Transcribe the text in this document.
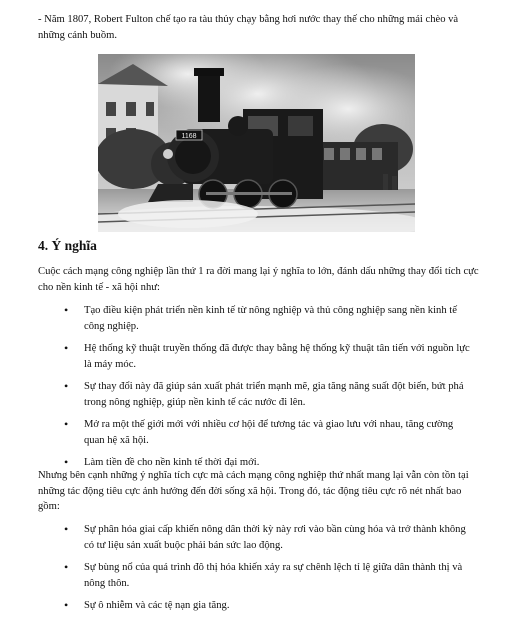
- Năm 1807, Robert Fulton chế tạo ra tàu thủy chạy bằng hơi nước thay thế cho những mái chèo và những cánh buồm.
1168
4. Ý nghĩa
Cuộc cách mạng công nghiệp lần thứ 1 ra đời mang lại ý nghĩa to lớn, đánh dấu những thay đổi tích cực cho nền kinh tế - xã hội như:
• Tạo điều kiện phát triển nền kinh tế từ nông nghiệp và thủ công nghiệp sang nền kinh tế công nghiệp.
• Hệ thống kỹ thuật truyền thống đã được thay bằng hệ thống kỹ thuật tân tiến với nguồn lực là máy móc.
• Sự thay đổi này đã giúp sản xuất phát triển mạnh mẽ, gia tăng năng suất đột biến, bứt phá trong nông nghiệp, giúp nền kinh tế các nước đi lên.
• Mở ra một thế giới mới với nhiều cơ hội để tương tác và giao lưu với nhau, tăng cường quan hệ xã hội.
• Làm tiền đề cho nền kinh tế thời đại mới.
Nhưng bên cạnh những ý nghĩa tích cực mà cách mạng công nghiệp thứ nhất mang lại vẫn còn tồn tại những tác động tiêu cực ảnh hưởng đến đời sống xã hội. Trong đó, tác động tiêu cực rõ nét nhất bao gồm:
• Sự phân hóa giai cấp khiến nông dân thời kỳ này rơi vào bần cùng hóa và trở thành không có tư liệu sản xuất buộc phải bán sức lao động.
• Sự bùng nổ của quá trình đô thị hóa khiến xảy ra sự chênh lệch tỉ lệ giữa dân thành thị và nông thôn.
• Sự ô nhiễm và các tệ nạn gia tăng.
